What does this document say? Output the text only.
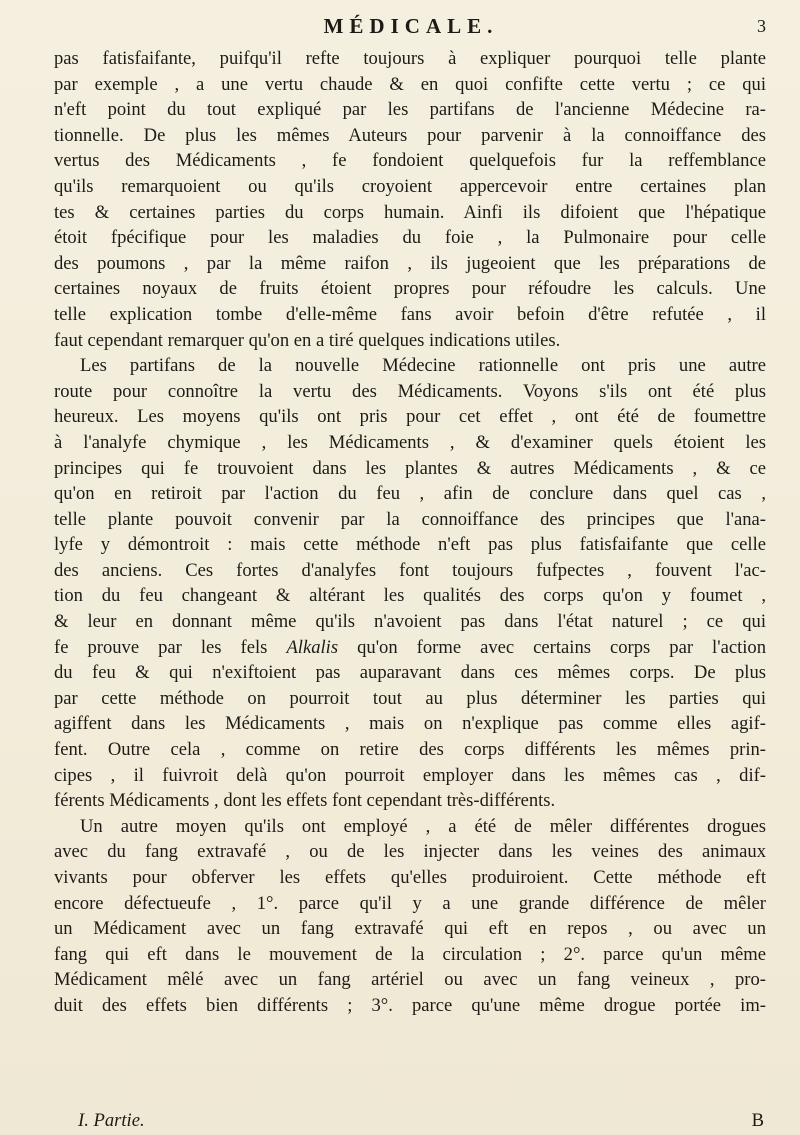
MÉDICALE.	3
pas fatisfaifante, puifqu'il refte toujours à expliquer pourquoi telle plante
par exemple , a une vertu chaude & en quoi confifte cette vertu ; ce qui
n'eft point du tout expliqué par les partifans de l'ancienne Médecine ra-
tionnelle. De plus les mêmes Auteurs pour parvenir à la connoiffance des
vertus des Médicaments , fe fondoient quelquefois fur la reffemblance
qu'ils remarquoient ou qu'ils croyoient appercevoir entre certaines plan
tes & certaines parties du corps humain. Ainfi ils difoient que l'hépatique
étoit fpécifique pour les maladies du foie , la Pulmonaire pour celle
des poumons , par la même raifon , ils jugeoient que les préparations de
certaines noyaux de fruits étoient propres pour réfoudre les calculs. Une
telle explication tombe d'elle-même fans avoir befoin d'être refutée , il
faut cependant remarquer qu'on en a tiré quelques indications utiles.
Les partifans de la nouvelle Médecine rationnelle ont pris une autre
route pour connoître la vertu des Médicaments. Voyons s'ils ont été plus
heureux. Les moyens qu'ils ont pris pour cet effet , ont été de foumettre
à l'analyfe chymique , les Médicaments , & d'examiner quels étoient les
principes qui fe trouvoient dans les plantes & autres Médicaments , & ce
qu'on en retiroit par l'action du feu , afin de conclure dans quel cas ,
telle plante pouvoit convenir par la connoiffance des principes que l'ana-
lyfe y démontroit : mais cette méthode n'eft pas plus fatisfaifante que celle
des anciens. Ces fortes d'analyfes font toujours fufpectes , fouvent l'ac-
tion du feu changeant & altérant les qualités des corps qu'on y foumet ,
& leur en donnant même qu'ils n'avoient pas dans l'état naturel ; ce qui
fe prouve par les fels Alkalis qu'on forme avec certains corps par l'action
du feu & qui n'exiftoient pas auparavant dans ces mêmes corps. De plus
par cette méthode on pourroit tout au plus déterminer les parties qui
agiffent dans les Médicaments , mais on n'explique pas comme elles agif-
fent. Outre cela , comme on retire des corps différents les mêmes prin-
cipes , il fuivroit delà qu'on pourroit employer dans les mêmes cas , dif-
férents Médicaments , dont les effets font cependant très-différents.
Un autre moyen qu'ils ont employé , a été de mêler différentes drogues
avec du fang extravafé , ou de les injecter dans les veines des animaux
vivants pour obferver les effets qu'elles produiroient. Cette méthode eft
encore défectueufe , 1°. parce qu'il y a une grande différence de mêler
un Médicament avec un fang extravafé qui eft en repos , ou avec un
fang qui eft dans le mouvement de la circulation ; 2°. parce qu'un même
Médicament mêlé avec un fang artériel ou avec un fang veineux , pro-
duit des effets bien différents ; 3°. parce qu'une même drogue portée im-
I. Partie.	B
